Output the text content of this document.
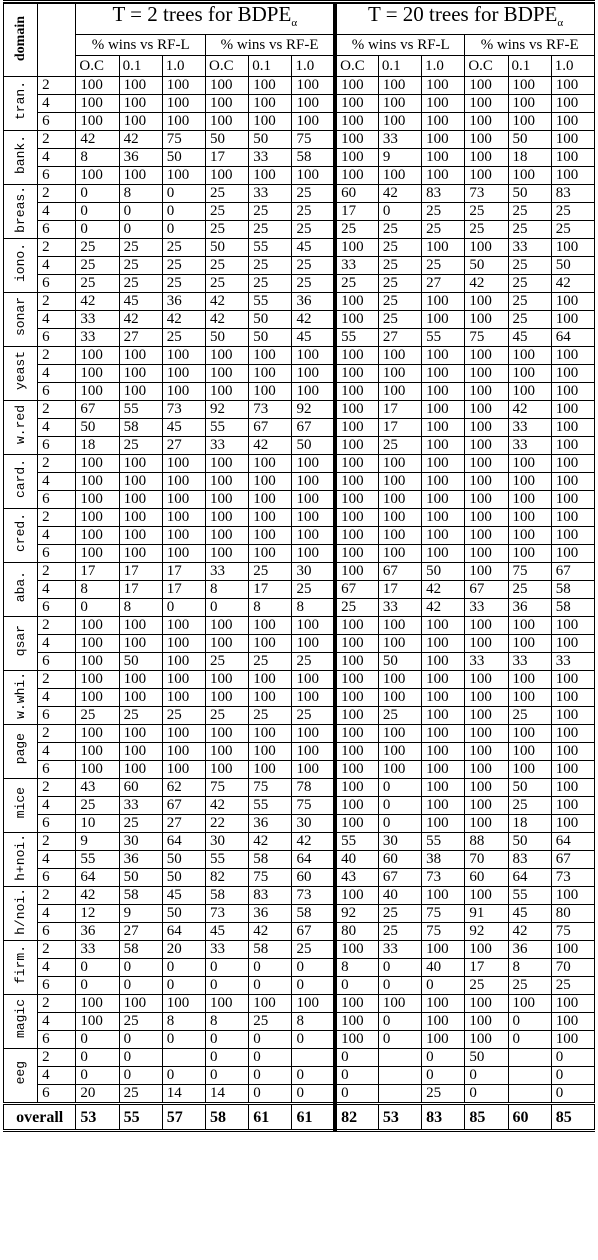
domain		T = 2 trees for $BDPE_\alpha$						T = 20 trees for $BDPE_\alpha$
		% wins vs RF-L			% wins vs RF-E			% wins vs RF-L			% wins vs RF-E		
		O.C	0.1	1.0	O.C	0.1	1.0	O.C	0.1	1.0	O.C	0.1	1.0
tran.	2	100	100	100	100	100	100	100	100	100	100	100	100
	4	100	100	100	100	100	100	100	100	100	100	100	100
	6	100	100	100	100	100	100	100	100	100	100	100	100
bank.	2	42	42	75	50	50	75	100	33	100	100	50	100
	4	8	36	50	17	33	58	100	9	100	100	18	100
	6	100	100	100	100	100	100	100	100	100	100	100	100
breas.	2	0	8	0	25	33	25	60	42	83	73	50	83
	4	0	0	0	25	25	25	17	0	25	25	25	25
	6	0	0	0	25	25	25	25	25	25	25	25	25
iono.	2	25	25	25	50	55	45	100	25	100	100	33	100
	4	25	25	25	25	25	25	33	25	25	50	25	50
	6	25	25	25	25	25	25	25	25	27	42	25	42
sonar	2	42	45	36	42	55	36	100	25	100	100	25	100
	4	33	42	42	42	50	42	100	25	100	100	25	100
	6	33	27	25	50	50	45	55	27	55	75	45	64
yeast	2	100	100	100	100	100	100	100	100	100	100	100	100
	4	100	100	100	100	100	100	100	100	100	100	100	100
	6	100	100	100	100	100	100	100	100	100	100	100	100
w.red	2	67	55	73	92	73	92	100	17	100	100	42	100
	4	50	58	45	55	67	67	100	17	100	100	33	100
	6	18	25	27	33	42	50	100	25	100	100	33	100
card.	2	100	100	100	100	100	100	100	100	100	100	100	100
	4	100	100	100	100	100	100	100	100	100	100	100	100
	6	100	100	100	100	100	100	100	100	100	100	100	100
cred.	2	100	100	100	100	100	100	100	100	100	100	100	100
	4	100	100	100	100	100	100	100	100	100	100	100	100
	6	100	100	100	100	100	100	100	100	100	100	100	100
aba.	2	17	17	17	33	25	30	100	67	50	100	75	67
	4	8	17	17	8	17	25	67	17	42	67	25	58
	6	0	8	0	0	8	8	25	33	42	33	36	58
qsar	2	100	100	100	100	100	100	100	100	100	100	100	100
	4	100	100	100	100	100	100	100	100	100	100	100	100
	6	100	50	100	25	25	25	100	50	100	33	33	33
w.whi.	2	100	100	100	100	100	100	100	100	100	100	100	100
	4	100	100	100	100	100	100	100	100	100	100	100	100
	6	25	25	25	25	25	25	100	25	100	100	25	100
page	2	100	100	100	100	100	100	100	100	100	100	100	100
	4	100	100	100	100	100	100	100	100	100	100	100	100
	6	100	100	100	100	100	100	100	100	100	100	100	100
mice	2	43	60	62	75	75	78	100	0	100	100	50	100
	4	25	33	67	42	55	75	100	0	100	100	25	100
	6	10	25	27	22	36	30	100	0	100	100	18	100
h+noi.	2	9	30	64	30	42	42	55	30	55	88	50	64
	4	55	36	50	55	58	64	40	60	38	70	83	67
	6	64	50	50	82	75	60	43	67	73	60	64	73
h/noi.	2	42	58	45	58	83	73	100	40	100	100	55	100
	4	12	9	50	73	36	58	92	25	75	91	45	80
	6	36	27	64	45	42	67	80	25	75	92	42	75
firm.	2	33	58	20	33	58	25	100	33	100	100	36	100
	4	0	0	0	0	0	0	8	0	40	17	8	70
	6	0	0	0	0	0	0	0	0	0	25	25	25
magic	2	100	100	100	100	100	100	100	100	100	100	100	100
	4	100	25	8	8	25	8	100	0	100	100	0	100
	6	0	0	0	0	0	0	100	0	100	100	0	100
eeg	2	0	0		0	0		0		0	50		0
	4	0	0	0	0	0	0	0		0	0		0
	6	20	25	14	14	0	0	0		25	0		0
overall		53	55	57	58	61	61	82	53	83	85	60	85
